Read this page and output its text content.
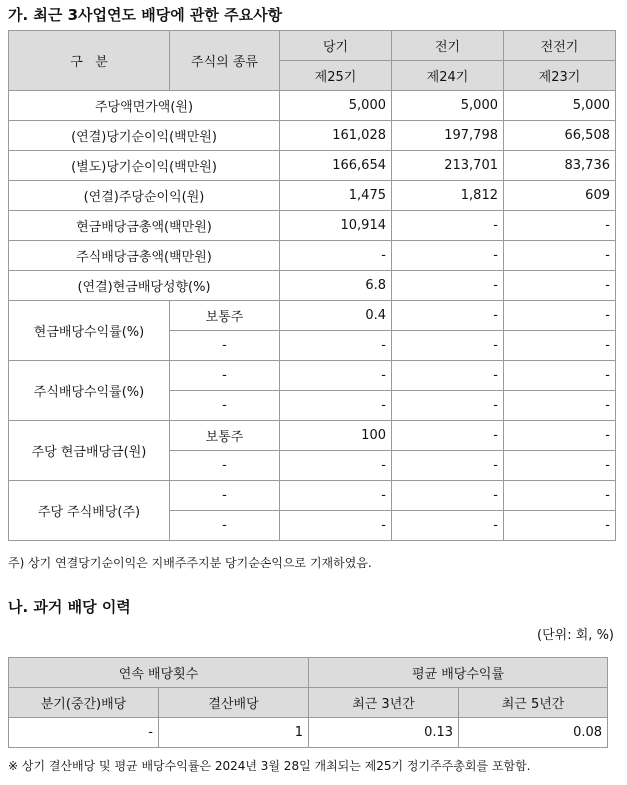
가. 최근 3사업연도 배당에 관한 주요사항
구   분	주식의 종류	당기	전기	전전기
		제25기	제24기	제23기
주당액면가액(원)		5,000	5,000	5,000
(연결)당기순이익(백만원)		161,028	197,798	66,508
(별도)당기순이익(백만원)		166,654	213,701	83,736
(연결)주당순이익(원)		1,475	1,812	609
현금배당금총액(백만원)		10,914	-	-
주식배당금총액(백만원)		-	-	-
(연결)현금배당성향(%)		6.8	-	-
현금배당수익률(%)	보통주	0.4	-	-
	-	-	-	-
주식배당수익률(%)	-	-	-	-
	-	-	-	-
주당 현금배당금(원)	보통주	100	-	-
	-	-	-	-
주당 주식배당(주)	-	-	-	-
	-	-	-	-
주) 상기 연결당기순이익은 지배주주지분 당기순손익으로 기재하였음.
나. 과거 배당 이력
(단위: 회, %)
연속 배당횟수		평균 배당수익률	
분기(중간)배당	결산배당	최근 3년간	최근 5년간
-	1	0.13	0.08
※ 상기 결산배당 및 평균 배당수익률은 2024년 3월 28일 개최되는 제25기 정기주주총회를 포함함.
